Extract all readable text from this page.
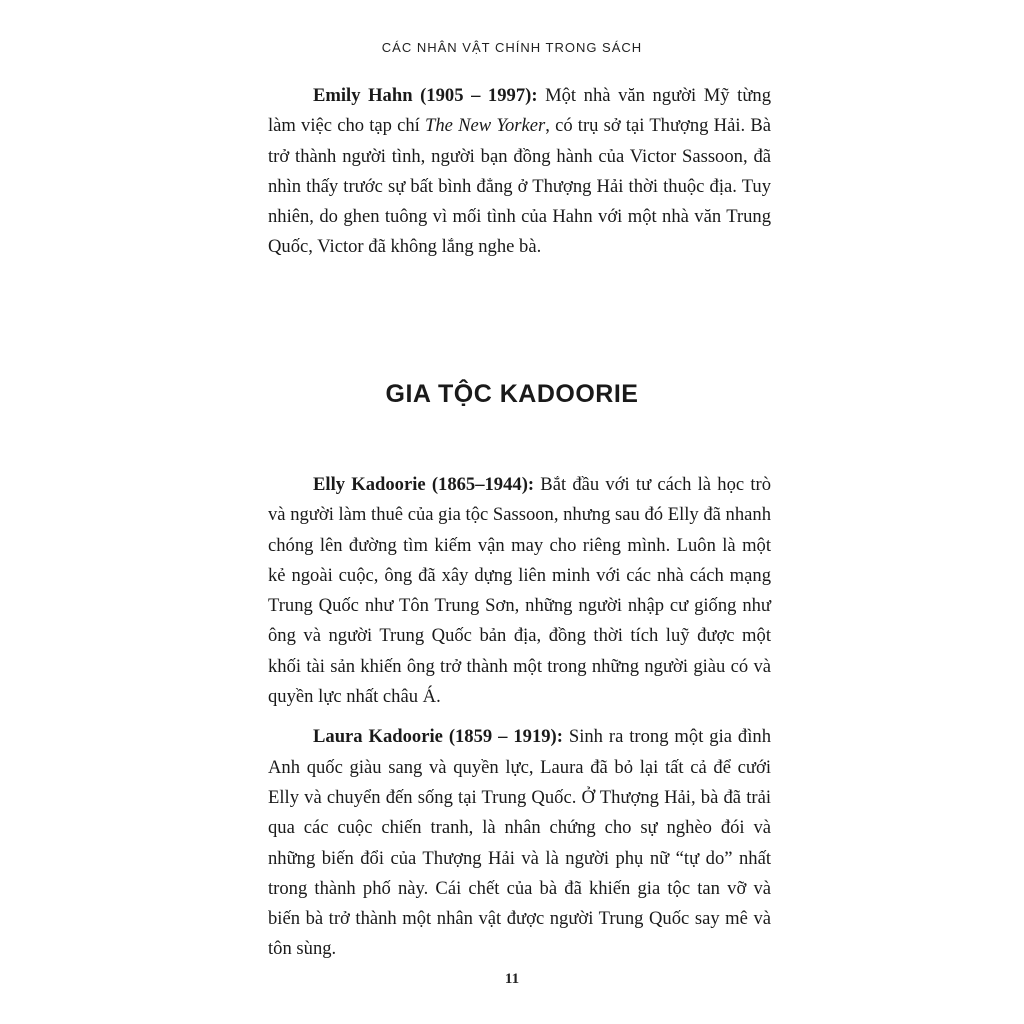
CÁC NHÂN VẬT CHÍNH TRONG SÁCH

Emily Hahn (1905 – 1997): Một nhà văn người Mỹ từng làm việc cho tạp chí The New Yorker, có trụ sở tại Thượng Hải. Bà trở thành người tình, người bạn đồng hành của Victor Sassoon, đã nhìn thấy trước sự bất bình đẳng ở Thượng Hải thời thuộc địa. Tuy nhiên, do ghen tuông vì mối tình của Hahn với một nhà văn Trung Quốc, Victor đã không lắng nghe bà.

GIA TỘC KADOORIE

Elly Kadoorie (1865–1944): Bắt đầu với tư cách là học trò và người làm thuê của gia tộc Sassoon, nhưng sau đó Elly đã nhanh chóng lên đường tìm kiếm vận may cho riêng mình. Luôn là một kẻ ngoài cuộc, ông đã xây dựng liên minh với các nhà cách mạng Trung Quốc như Tôn Trung Sơn, những người nhập cư giống như ông và người Trung Quốc bản địa, đồng thời tích luỹ được một khối tài sản khiến ông trở thành một trong những người giàu có và quyền lực nhất châu Á.

Laura Kadoorie (1859 – 1919): Sinh ra trong một gia đình Anh quốc giàu sang và quyền lực, Laura đã bỏ lại tất cả để cưới Elly và chuyển đến sống tại Trung Quốc. Ở Thượng Hải, bà đã trải qua các cuộc chiến tranh, là nhân chứng cho sự nghèo đói và những biến đổi của Thượng Hải và là người phụ nữ “tự do” nhất trong thành phố này. Cái chết của bà đã khiến gia tộc tan vỡ và biến bà trở thành một nhân vật được người Trung Quốc say mê và tôn sùng.

11
